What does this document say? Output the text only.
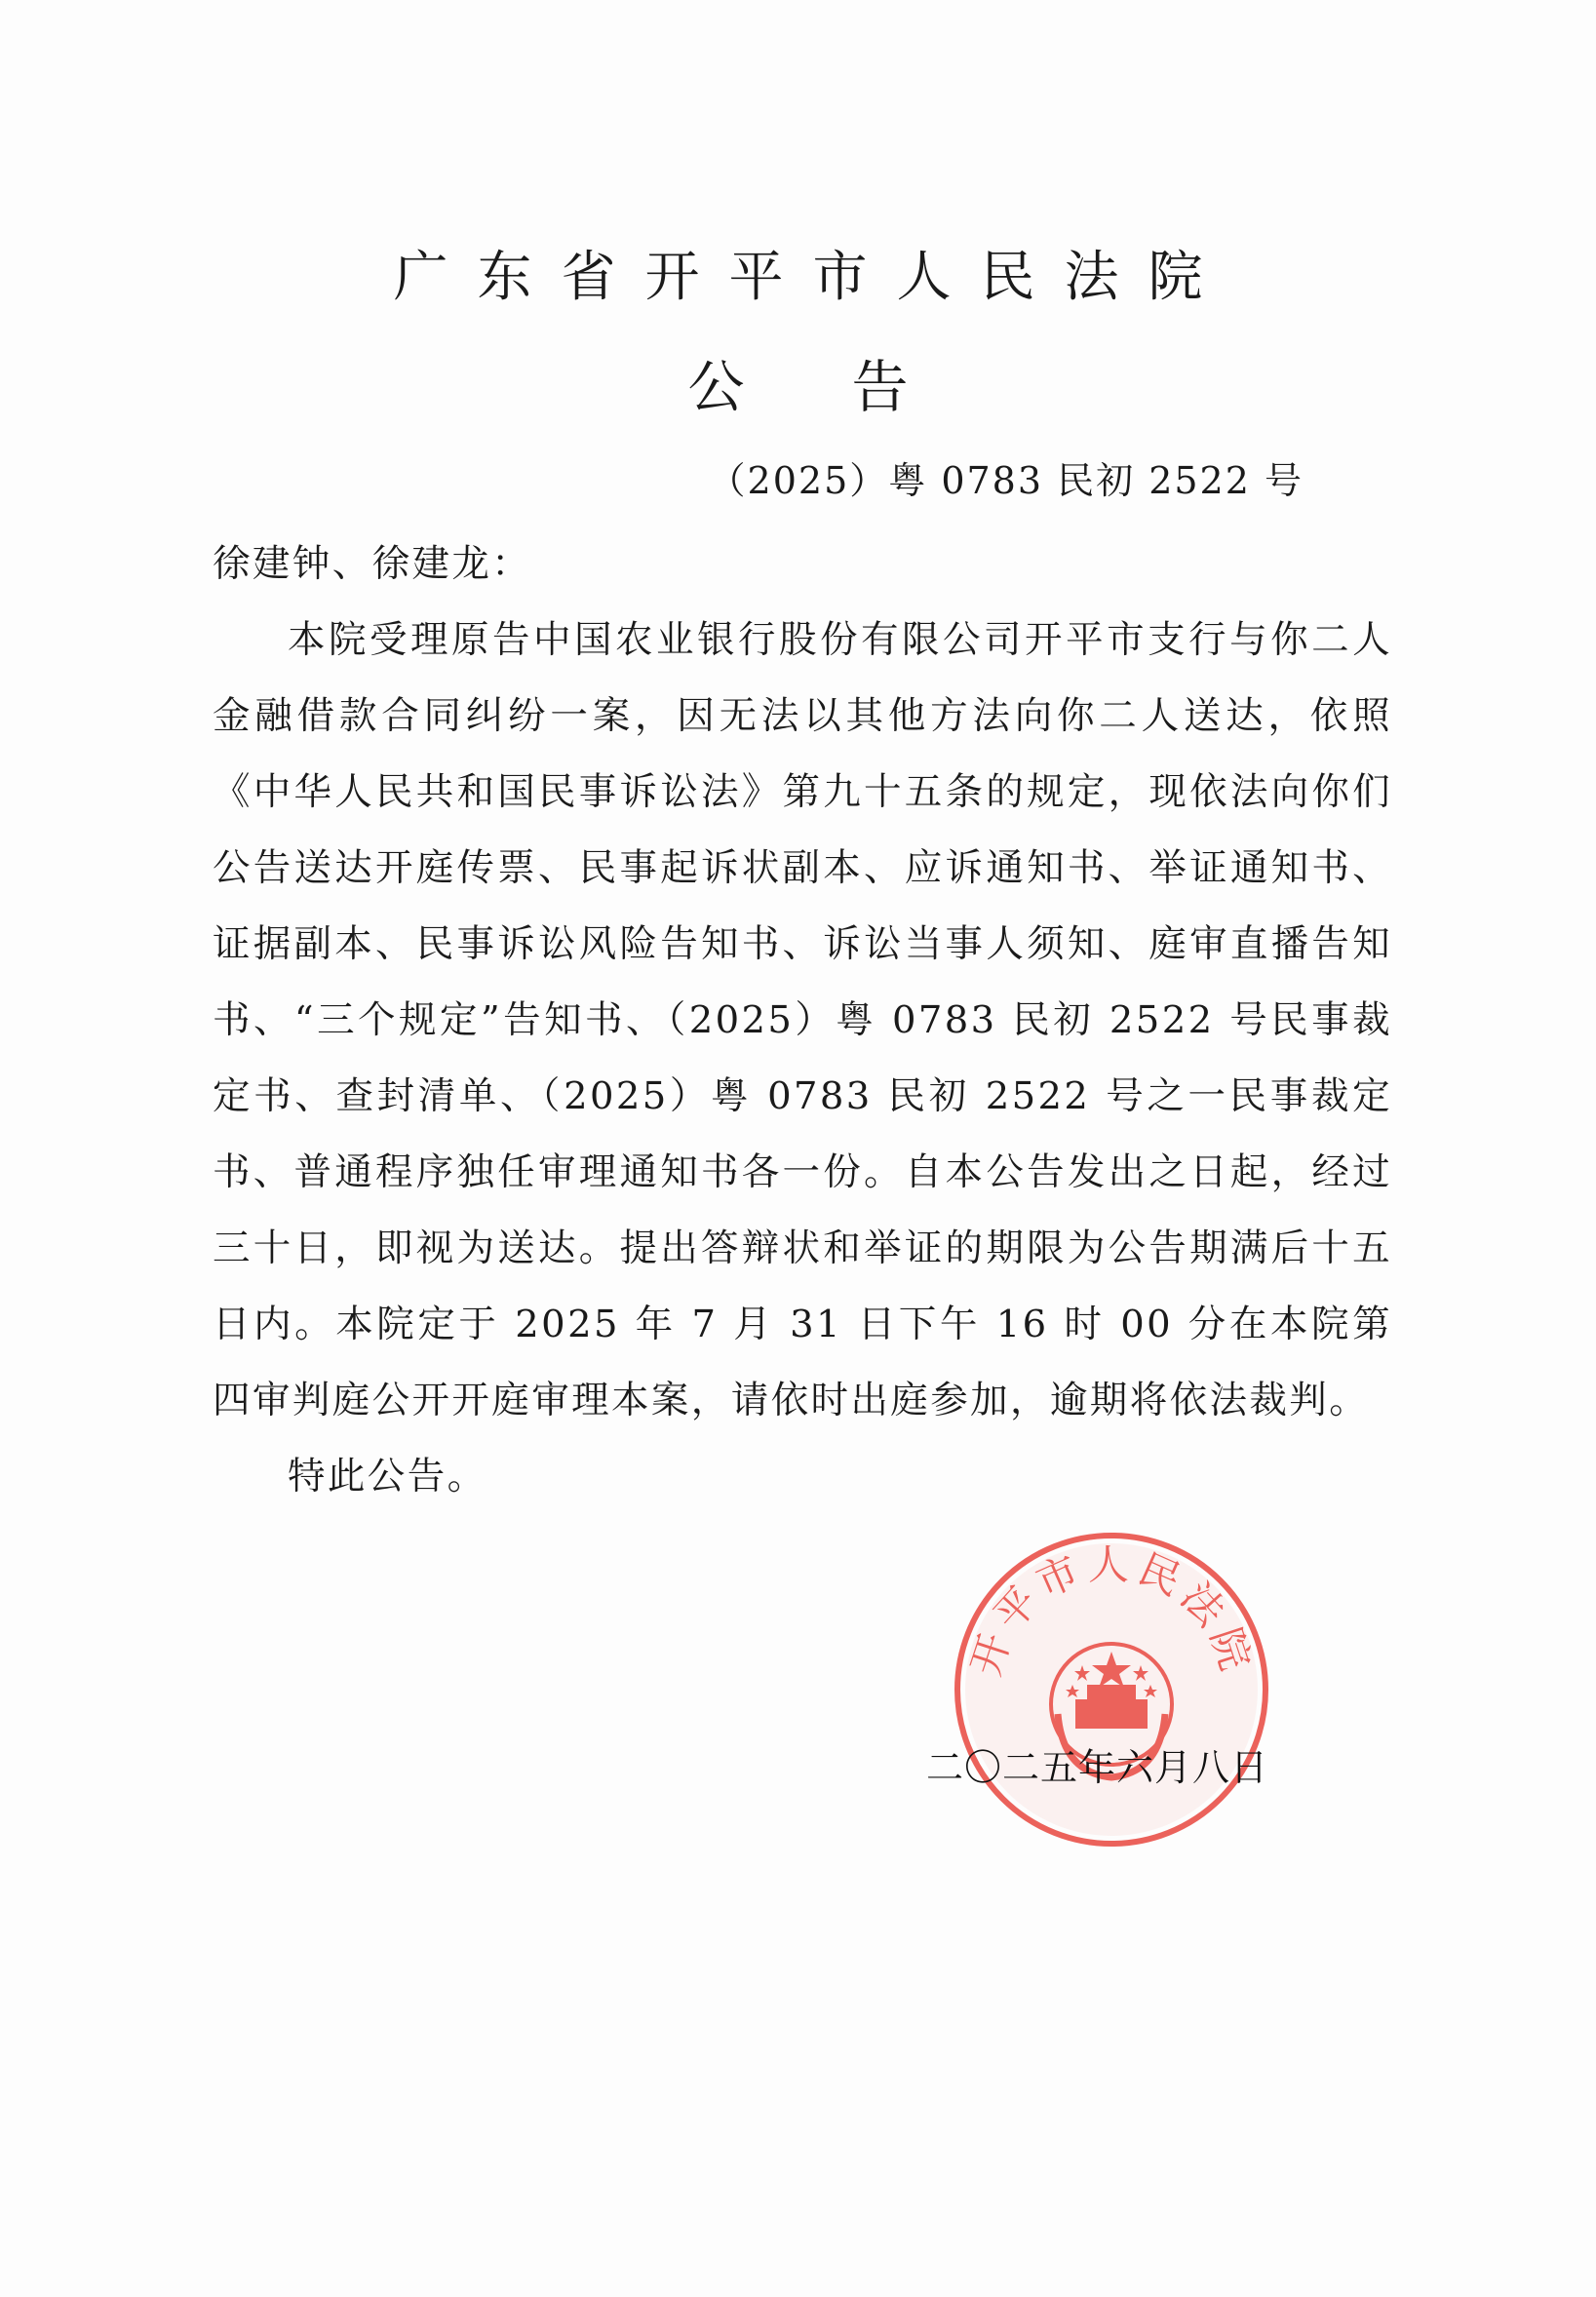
广东省开平市人民法院
公告
（2025）粤 0783 民初 2522 号

徐建钟、徐建龙：

本院受理原告中国农业银行股份有限公司开平市支行与你二人金融借款合同纠纷一案，因无法以其他方法向你二人送达，依照《中华人民共和国民事诉讼法》第九十五条的规定，现依法向你们公告送达开庭传票、民事起诉状副本、应诉通知书、举证通知书、证据副本、民事诉讼风险告知书、诉讼当事人须知、庭审直播告知书、“三个规定”告知书、（2025）粤 0783 民初 2522 号民事裁定书、查封清单、（2025）粤 0783 民初 2522 号之一民事裁定书、普通程序独任审理通知书各一份。自本公告发出之日起，经过三十日，即视为送达。提出答辩状和举证的期限为公告期满后十五日内。本院定于 2025 年 7 月 31 日下午 16 时 00 分在本院第四审判庭公开开庭审理本案，请依时出庭参加，逾期将依法裁判。

特此公告。

开平市人民法院
二〇二五年六月八日
